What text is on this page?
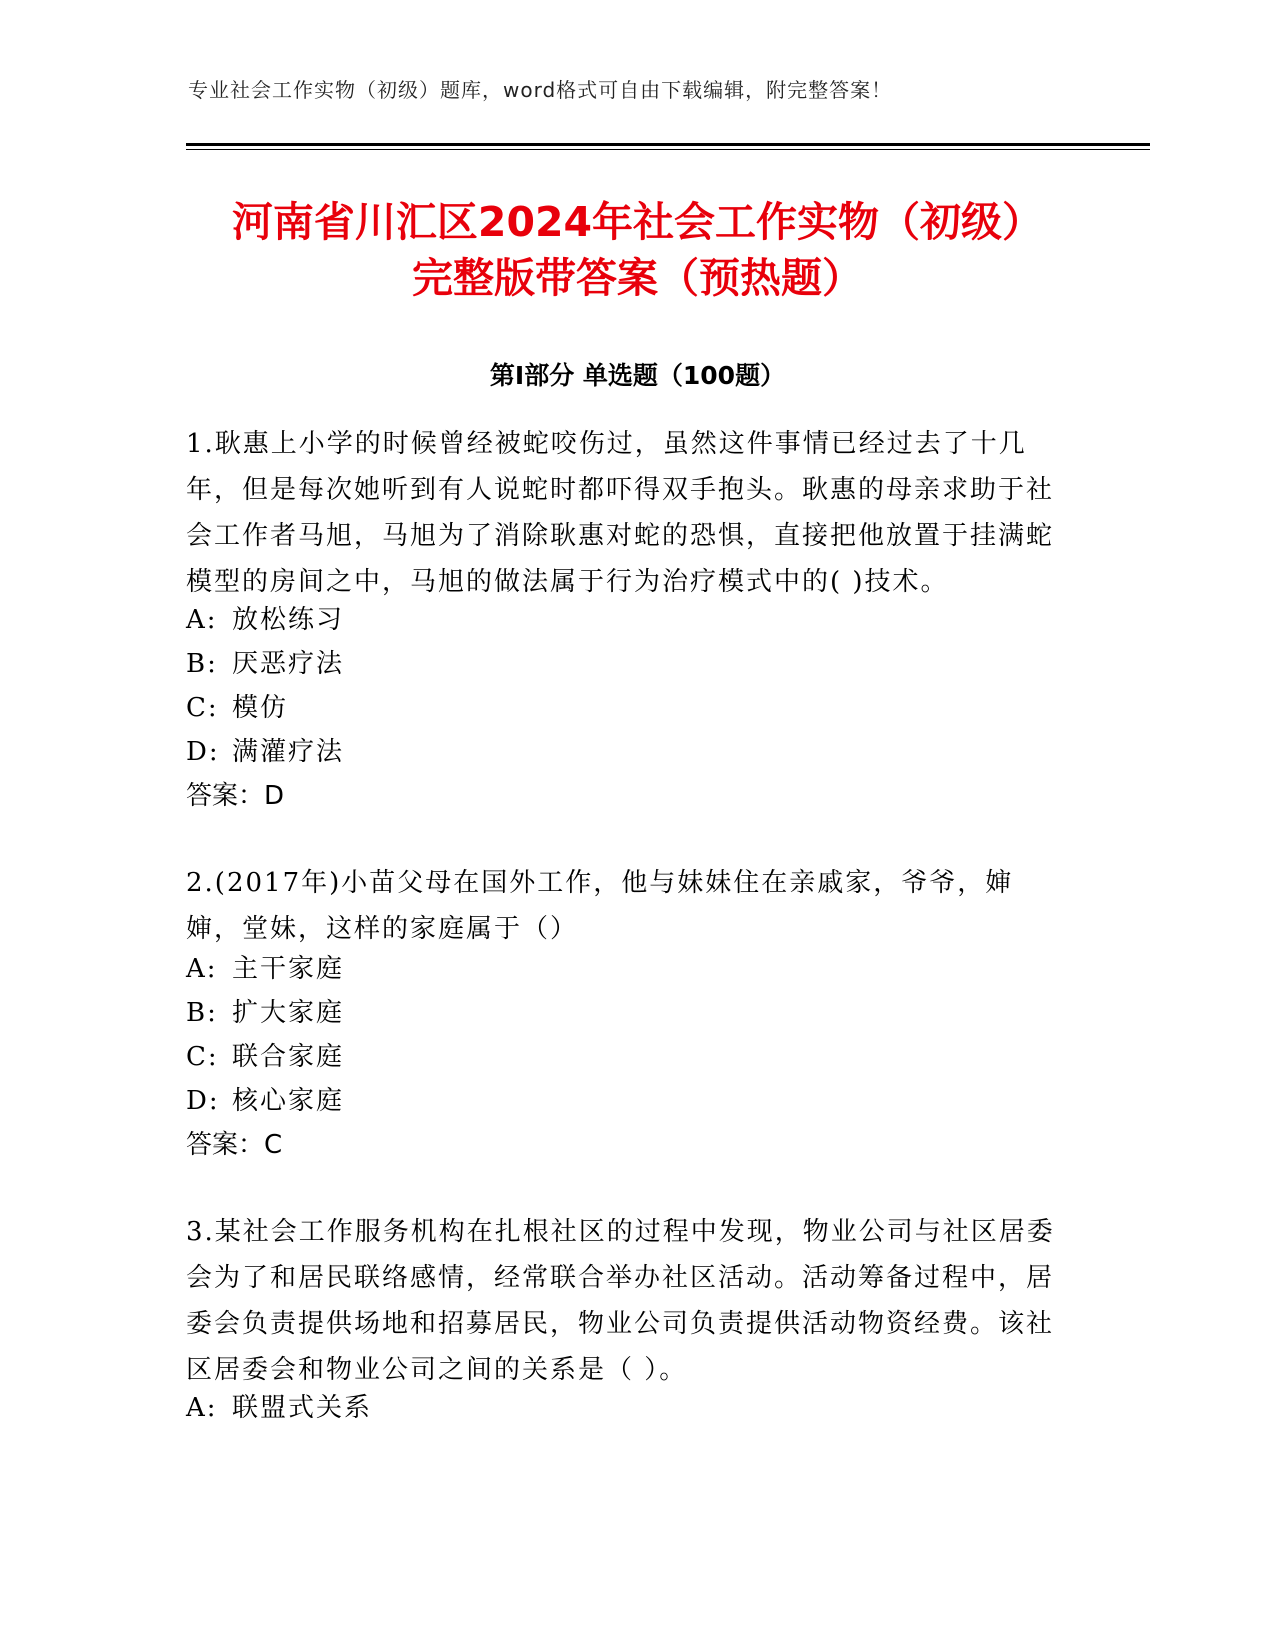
专业社会工作实物（初级）题库，word格式可自由下载编辑，附完整答案！
河南省川汇区2024年社会工作实物（初级）
完整版带答案（预热题）
第Ⅰ部分 单选题（100题）
1.耿惠上小学的时候曾经被蛇咬伤过，虽然这件事情已经过去了十几年，但是每次她听到有人说蛇时都吓得双手抱头。耿惠的母亲求助于社会工作者马旭，马旭为了消除耿惠对蛇的恐惧，直接把他放置于挂满蛇模型的房间之中，马旭的做法属于行为治疗模式中的( )技术。
A: 放松练习
B: 厌恶疗法
C: 模仿
D: 满灌疗法
答案：D
2.(2017年)小苗父母在国外工作，他与妹妹住在亲戚家，爷爷，婶婶，堂妹，这样的家庭属于（）
A: 主干家庭
B: 扩大家庭
C: 联合家庭
D: 核心家庭
答案：C
3.某社会工作服务机构在扎根社区的过程中发现，物业公司与社区居委会为了和居民联络感情，经常联合举办社区活动。活动筹备过程中，居委会负责提供场地和招募居民，物业公司负责提供活动物资经费。该社区居委会和物业公司之间的关系是（ ）。
A: 联盟式关系
